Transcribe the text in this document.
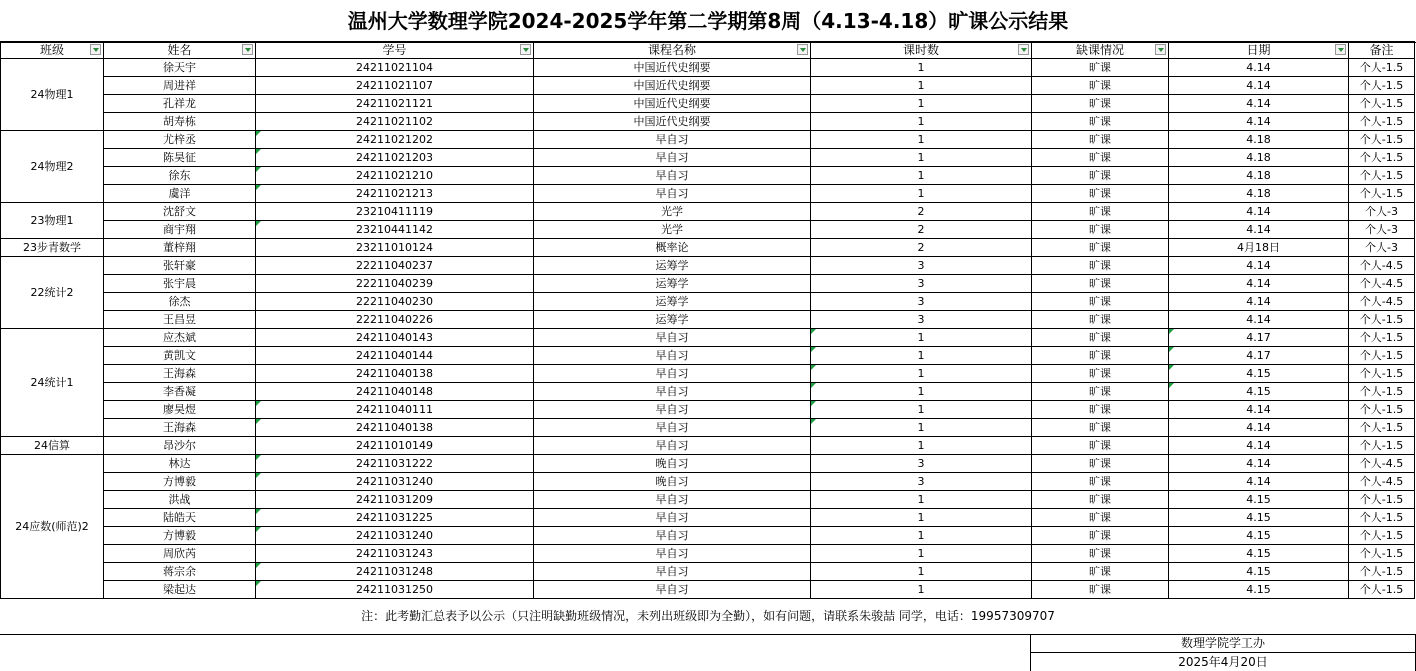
温州大学数理学院2024-2025学年第二学期第8周（4.13-4.18）旷课公示结果
班级	姓名	学号	课程名称	课时数	缺课情况	日期	备注
24物理1	徐天宇	24211021104	中国近代史纲要	1	旷课	4.14	个人-1.5
	周进祥	24211021107	中国近代史纲要	1	旷课	4.14	个人-1.5
	孔祥龙	24211021121	中国近代史纲要	1	旷课	4.14	个人-1.5
	胡寿栋	24211021102	中国近代史纲要	1	旷课	4.14	个人-1.5
24物理2	尤梓丞	24211021202	早自习	1	旷课	4.18	个人-1.5
	陈昊征	24211021203	早自习	1	旷课	4.18	个人-1.5
	徐东	24211021210	早自习	1	旷课	4.18	个人-1.5
	虞洋	24211021213	早自习	1	旷课	4.18	个人-1.5
23物理1	沈舒文	23210411119	光学	2	旷课	4.14	个人-3
	商宇翔	23210441142	光学	2	旷课	4.14	个人-3
23步青数学	董梓翔	23211010124	概率论	2	旷课	4月18日	个人-3
22统计2	张轩豪	22211040237	运筹学	3	旷课	4.14	个人-4.5
	张宇晨	22211040239	运筹学	3	旷课	4.14	个人-4.5
	徐杰	22211040230	运筹学	3	旷课	4.14	个人-4.5
	王昌昱	22211040226	运筹学	3	旷课	4.14	个人-1.5
24统计1	应杰斌	24211040143	早自习	1	旷课	4.17	个人-1.5
	黄凯文	24211040144	早自习	1	旷课	4.17	个人-1.5
	王海森	24211040138	早自习	1	旷课	4.15	个人-1.5
	李香凝	24211040148	早自习	1	旷课	4.15	个人-1.5
	廖昊煜	24211040111	早自习	1	旷课	4.14	个人-1.5
	王海森	24211040138	早自习	1	旷课	4.14	个人-1.5
24信算	昂沙尔	24211010149	早自习	1	旷课	4.14	个人-1.5
24应数(师范)2	林达	24211031222	晚自习	3	旷课	4.14	个人-4.5
	方博毅	24211031240	晚自习	3	旷课	4.14	个人-4.5
	洪战	24211031209	早自习	1	旷课	4.15	个人-1.5
	陆皓天	24211031225	早自习	1	旷课	4.15	个人-1.5
	方博毅	24211031240	早自习	1	旷课	4.15	个人-1.5
	周欣芮	24211031243	早自习	1	旷课	4.15	个人-1.5
	蒋宗余	24211031248	早自习	1	旷课	4.15	个人-1.5
	梁起达	24211031250	早自习	1	旷课	4.15	个人-1.5
注：此考勤汇总表予以公示（只注明缺勤班级情况，未列出班级即为全勤），如有问题，请联系朱骏喆 同学，电话：19957309707
数理学院学工办
2025年4月20日
